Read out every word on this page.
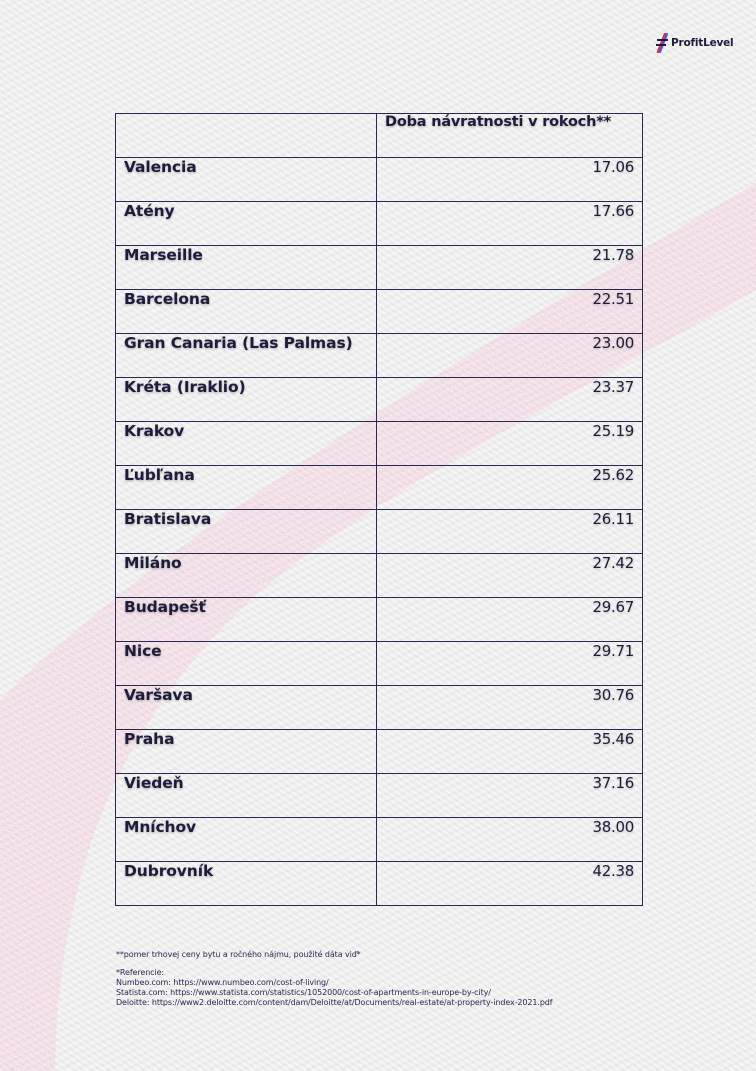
ProfitLevel
	Doba návratnosti v rokoch**
Valencia	17.06
Atény	17.66
Marseille	21.78
Barcelona	22.51
Gran Canaria (Las Palmas)	23.00
Kréta (Iraklio)	23.37
Krakov	25.19
Ľubľana	25.62
Bratislava	26.11
Miláno	27.42
Budapešť	29.67
Nice	29.71
Varšava	30.76
Praha	35.46
Viedeň	37.16
Mníchov	38.00
Dubrovník	42.38
**pomer trhovej ceny bytu a ročného nájmu, použité dáta viď*
*Referencie:
Numbeo.com: https://www.numbeo.com/cost-of-living/
Statista.com: https://www.statista.com/statistics/1052000/cost-of-apartments-in-europe-by-city/
Deloitte: https://www2.deloitte.com/content/dam/Deloitte/at/Documents/real-estate/at-property-index-2021.pdf
